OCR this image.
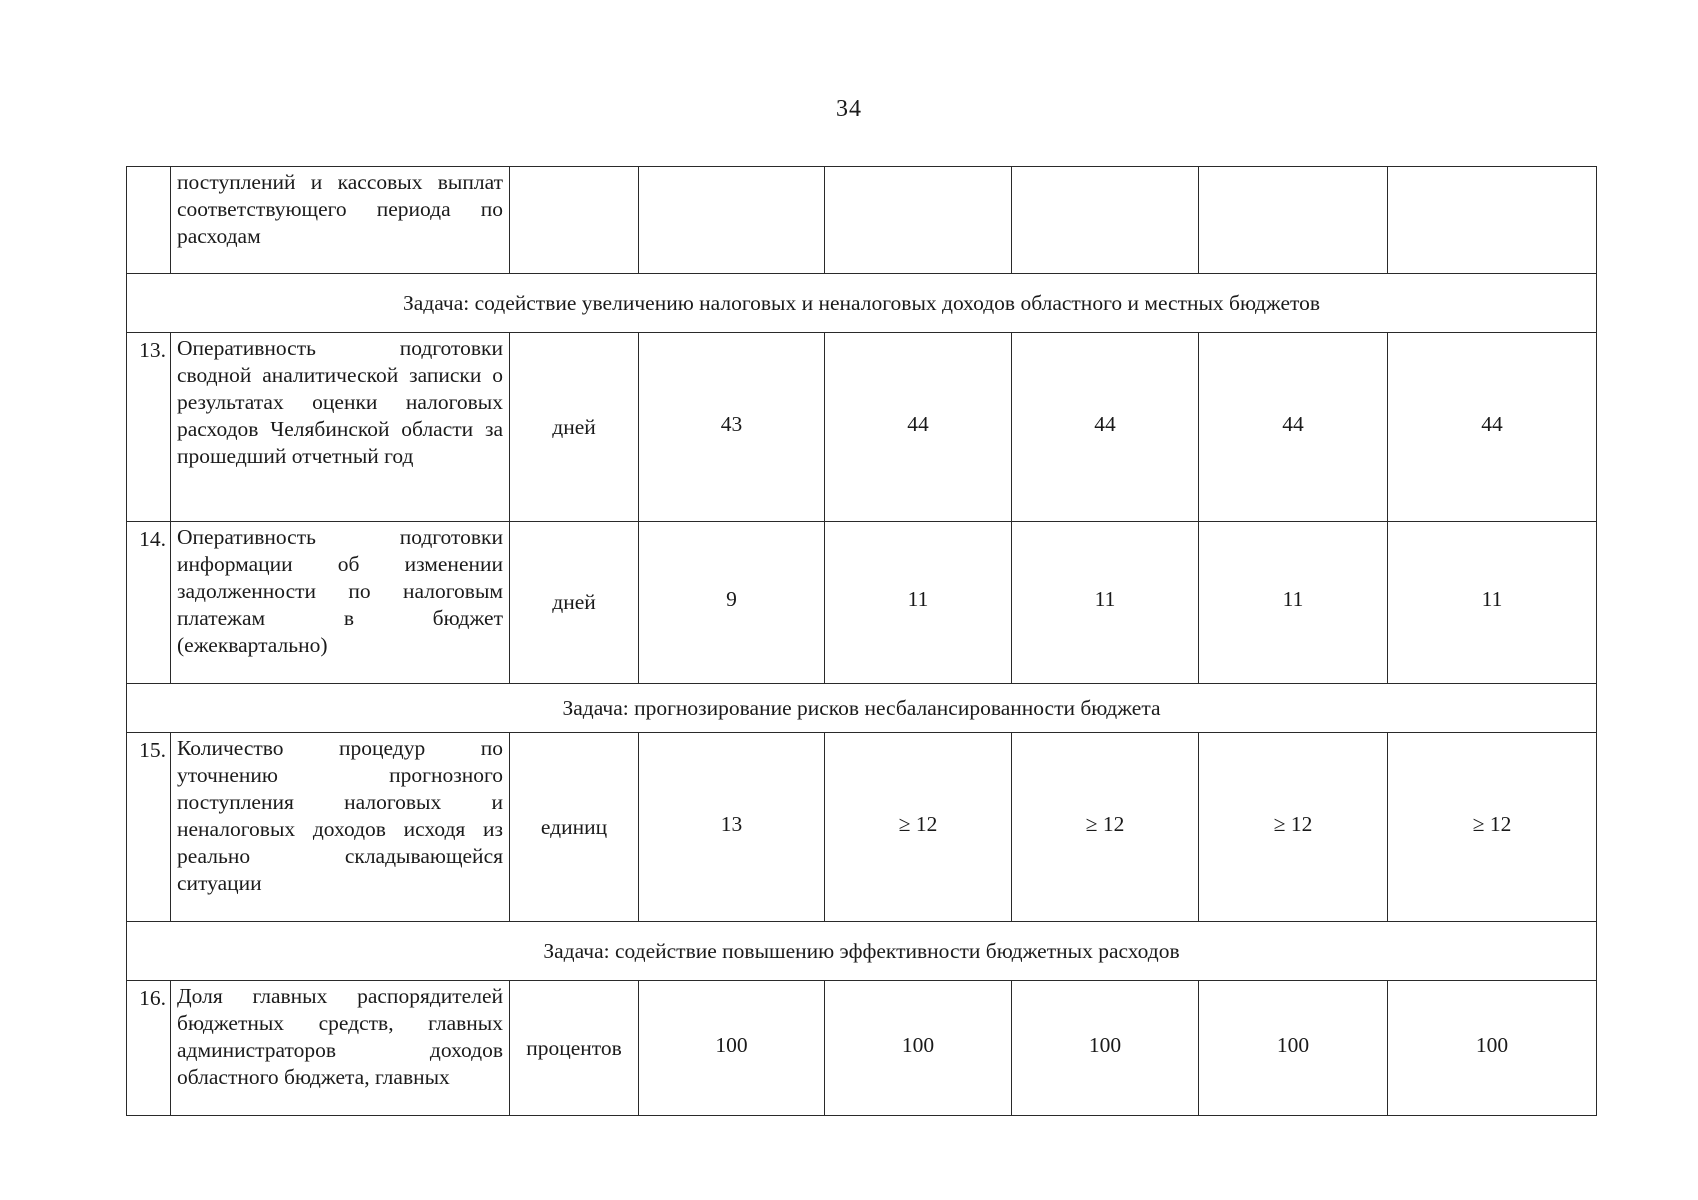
34
	поступлений и кассовых выплат соответствующего периода по расходам						
Задача: содействие увеличению налоговых и неналоговых доходов областного и местных бюджетов							
13.	Оперативность подготовки сводной аналитической записки о результатах оценки налоговых расходов Челябинской области за прошедший отчетный год	дней	43	44	44	44	44
14.	Оперативность подготовки информации об изменении задолженности по налоговым платежам в бюджет (ежеквартально)	дней	9	11	11	11	11
Задача: прогнозирование рисков несбалансированности бюджета							
15.	Количество процедур по уточнению прогнозного поступления налоговых и неналоговых доходов исходя из реально складывающейся ситуации	единиц	13	≥ 12	≥ 12	≥ 12	≥ 12
Задача: содействие повышению эффективности бюджетных расходов							
16.	Доля главных распорядителей бюджетных средств, главных администраторов доходов областного бюджета, главных	процентов	100	100	100	100	100
